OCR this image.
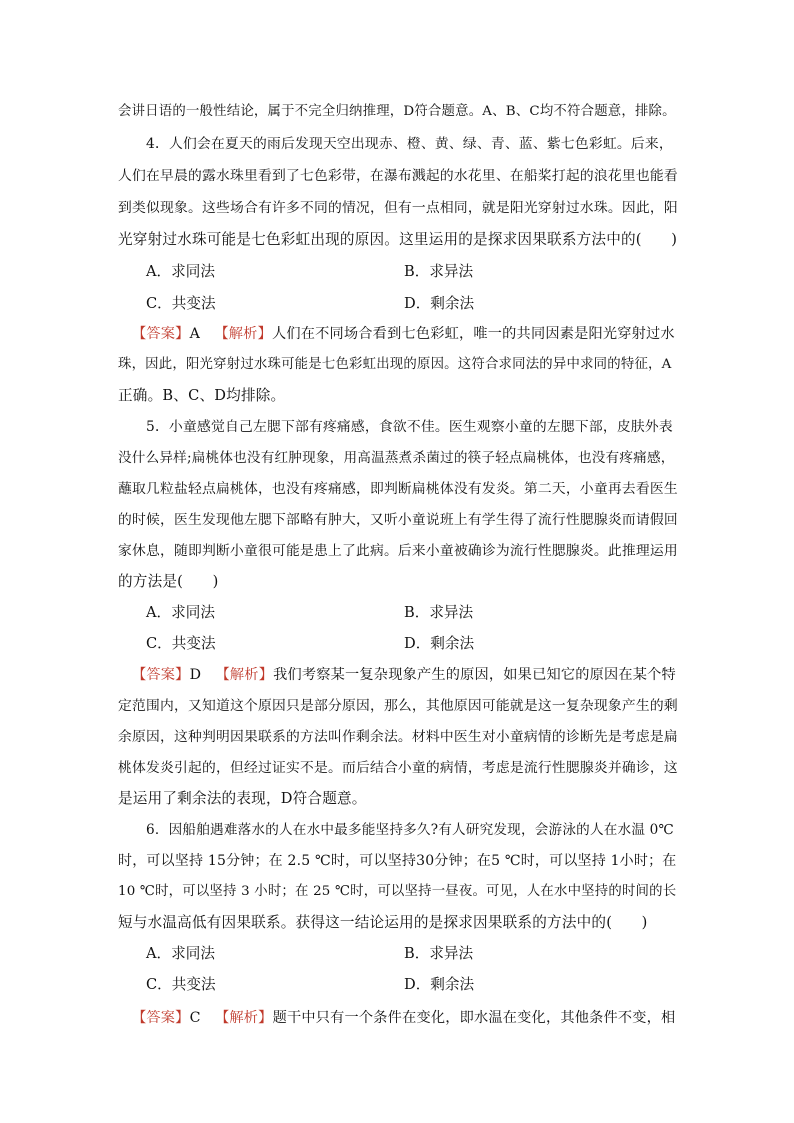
会讲日语的一般性结论，属于不完全归纳推理，D符合题意。A、B、C均不符合题意，排除。
4．人们会在夏天的雨后发现天空出现赤、橙、黄、绿、青、蓝、紫七色彩虹。后来，
人们在早晨的露水珠里看到了七色彩带，在瀑布溅起的水花里、在船桨打起的浪花里也能看
到类似现象。这些场合有许多不同的情况，但有一点相同，就是阳光穿射过水珠。因此，阳
光穿射过水珠可能是七色彩虹出现的原因。这里运用的是探求因果联系方法中的(　　)
A．求同法	B．求异法
C．共变法	D．剩余法
【答案】A  【解析】人们在不同场合看到七色彩虹，唯一的共同因素是阳光穿射过水
珠，因此，阳光穿射过水珠可能是七色彩虹出现的原因。这符合求同法的异中求同的特征，A
正确。B、C、D均排除。
5．小童感觉自己左腮下部有疼痛感，食欲不佳。医生观察小童的左腮下部，皮肤外表
没什么异样;扁桃体也没有红肿现象，用高温蒸煮杀菌过的筷子轻点扁桃体，也没有疼痛感，
蘸取几粒盐轻点扁桃体，也没有疼痛感，即判断扁桃体没有发炎。第二天，小童再去看医生
的时候，医生发现他左腮下部略有肿大，又听小童说班上有学生得了流行性腮腺炎而请假回
家休息，随即判断小童很可能是患上了此病。后来小童被确诊为流行性腮腺炎。此推理运用
的方法是(　　)
A．求同法	B．求异法
C．共变法	D．剩余法
【答案】D  【解析】我们考察某一复杂现象产生的原因，如果已知它的原因在某个特
定范围内，又知道这个原因只是部分原因，那么，其他原因可能就是这一复杂现象产生的剩
余原因，这种判明因果联系的方法叫作剩余法。材料中医生对小童病情的诊断先是考虑是扁
桃体发炎引起的，但经过证实不是。而后结合小童的病情，考虑是流行性腮腺炎并确诊，这
是运用了剩余法的表现，D符合题意。
6．因船舶遇难落水的人在水中最多能坚持多久?有人研究发现，会游泳的人在水温 0℃
时，可以坚持 15分钟；在 2.5 ℃时，可以坚持30分钟；在5 ℃时，可以坚持 1小时；在
10 ℃时，可以坚持 3 小时；在 25 ℃时，可以坚持一昼夜。可见，人在水中坚持的时间的长
短与水温高低有因果联系。获得这一结论运用的是探求因果联系的方法中的(　　)
A．求同法	B．求异法
C．共变法	D．剩余法
【答案】C  【解析】题干中只有一个条件在变化，即水温在变化，其他条件不变，相
